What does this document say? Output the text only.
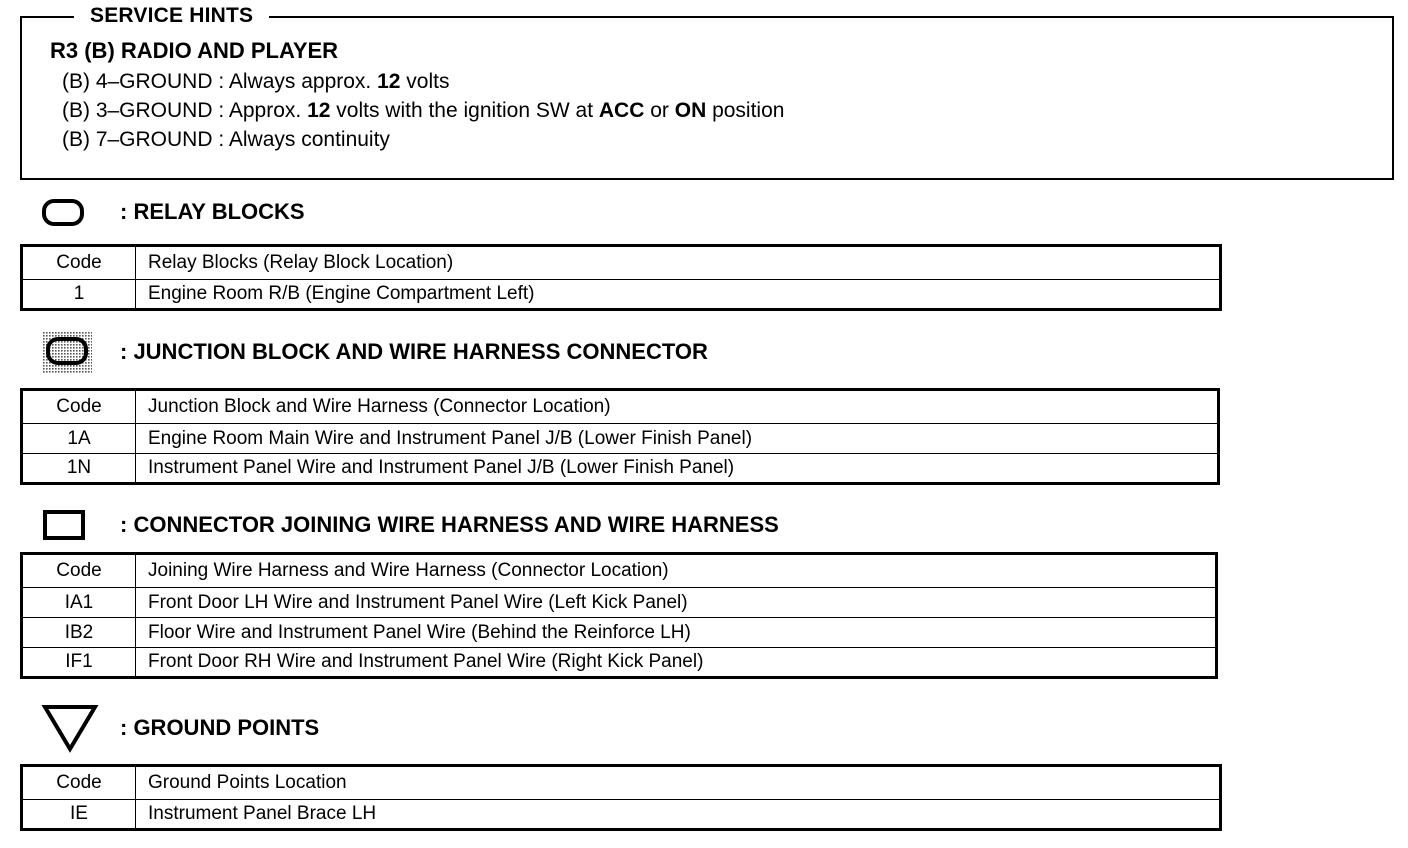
SERVICE HINTS
R3 (B) RADIO AND PLAYER
(B) 4–GROUND : Always approx. 12 volts
(B) 3–GROUND : Approx. 12 volts with the ignition SW at ACC or ON position
(B) 7–GROUND : Always continuity
: RELAY BLOCKS
Code	Relay Blocks (Relay Block Location)
1	Engine Room R/B (Engine Compartment Left)
: JUNCTION BLOCK AND WIRE HARNESS CONNECTOR
Code	Junction Block and Wire Harness (Connector Location)
1A	Engine Room Main Wire and Instrument Panel J/B (Lower Finish Panel)
1N	Instrument Panel Wire and Instrument Panel J/B (Lower Finish Panel)
: CONNECTOR JOINING WIRE HARNESS AND WIRE HARNESS
Code	Joining Wire Harness and Wire Harness (Connector Location)
IA1	Front Door LH Wire and Instrument Panel Wire (Left Kick Panel)
IB2	Floor Wire and Instrument Panel Wire (Behind the Reinforce LH)
IF1	Front Door RH Wire and Instrument Panel Wire (Right Kick Panel)
: GROUND POINTS
Code	Ground Points Location
IE	Instrument Panel Brace LH
